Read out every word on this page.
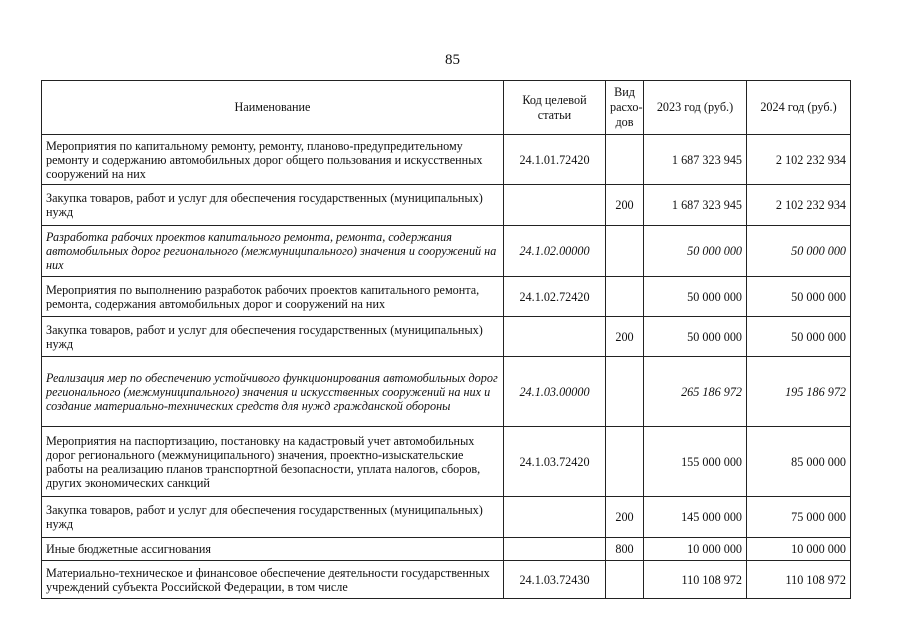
85
Наименование	Код целевой статьи	Вид расхо-дов	2023 год (руб.)	2024 год (руб.)
Мероприятия по капитальному ремонту, ремонту, планово-предупредительному ремонту и содержанию автомобильных дорог общего пользования и искусственных сооружений на них	24.1.01.72420		1 687 323 945	2 102 232 934
Закупка товаров, работ и услуг для обеспечения государственных (муниципальных) нужд		200	1 687 323 945	2 102 232 934
Разработка рабочих проектов капитального ремонта, ремонта, содержания автомобильных дорог регионального (межмуниципального) значения и сооружений на них	24.1.02.00000		50 000 000	50 000 000
Мероприятия по выполнению разработок рабочих проектов капитального ремонта, ремонта, содержания автомобильных дорог и сооружений на них	24.1.02.72420		50 000 000	50 000 000
Закупка товаров, работ и услуг для обеспечения государственных (муниципальных) нужд		200	50 000 000	50 000 000
Реализация мер по обеспечению устойчивого функционирования автомобильных дорог регионального (межмуниципального) значения и искусственных сооружений на них и создание материально-технических средств для нужд гражданской обороны	24.1.03.00000		265 186 972	195 186 972
Мероприятия на паспортизацию, постановку на кадастровый учет автомобильных дорог регионального (межмуниципального) значения, проектно-изыскательские работы на реализацию планов транспортной безопасности, уплата налогов, сборов, других экономических санкций	24.1.03.72420		155 000 000	85 000 000
Закупка товаров, работ и услуг для обеспечения государственных (муниципальных) нужд		200	145 000 000	75 000 000
Иные бюджетные ассигнования		800	10 000 000	10 000 000
Материально-техническое и финансовое обеспечение деятельности государственных учреждений субъекта Российской Федерации, в том числе	24.1.03.72430		110 108 972	110 108 972
